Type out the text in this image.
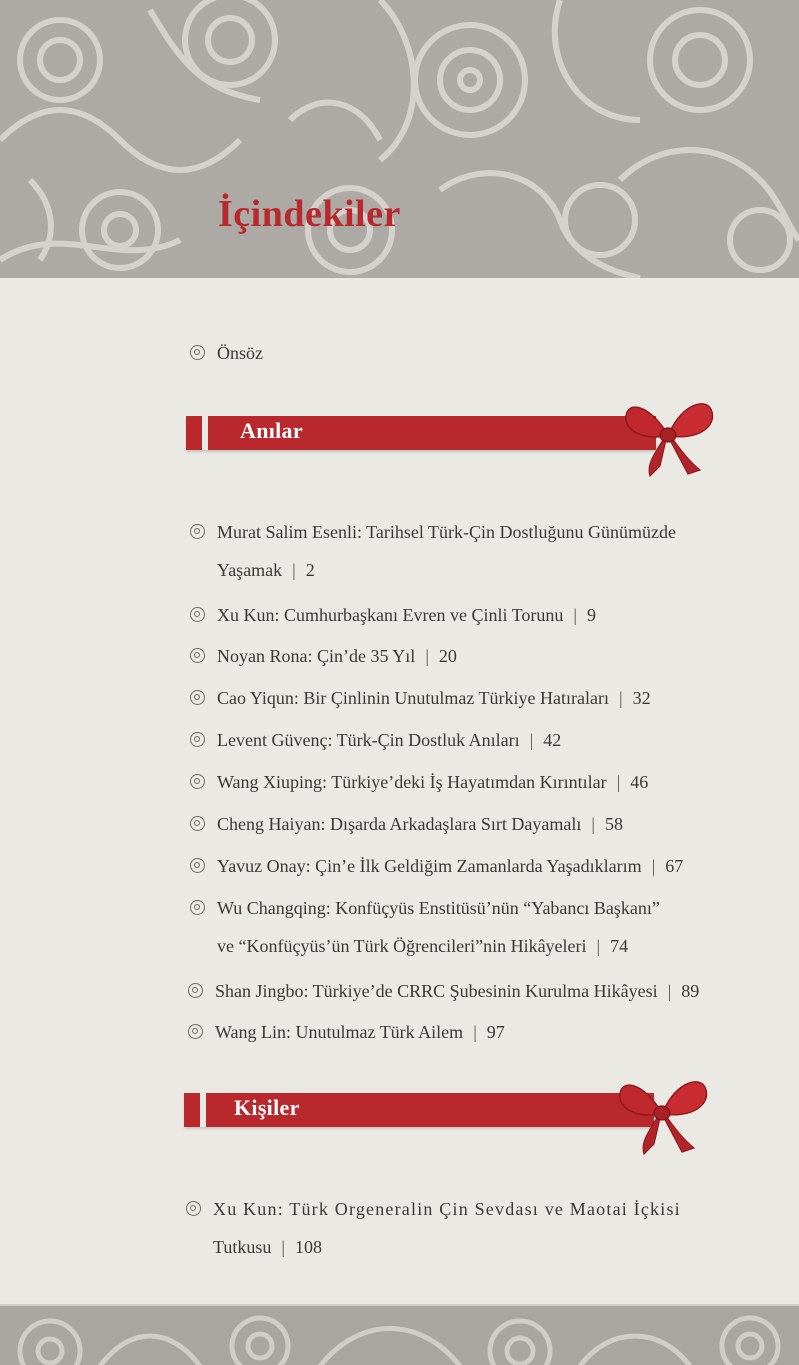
İçindekiler
Önsöz
Anılar
Murat Salim Esenli: Tarihsel Türk-Çin Dostluğunu Günümüzde
Yaşamak | 2
Xu Kun: Cumhurbaşkanı Evren ve Çinli Torunu | 9
Noyan Rona: Çin’de 35 Yıl | 20
Cao Yiqun: Bir Çinlinin Unutulmaz Türkiye Hatıraları | 32
Levent Güvenç: Türk-Çin Dostluk Anıları | 42
Wang Xiuping: Türkiye’deki İş Hayatımdan Kırıntılar | 46
Cheng Haiyan: Dışarda Arkadaşlara Sırt Dayamalı | 58
Yavuz Onay: Çin’e İlk Geldiğim Zamanlarda Yaşadıklarım | 67
Wu Changqing: Konfüçyüs Enstitüsü’nün “Yabancı Başkanı”
ve “Konfüçyüs’ün Türk Öğrencileri”nin Hikâyeleri | 74
Shan Jingbo: Türkiye’de CRRC Şubesinin Kurulma Hikâyesi | 89
Wang Lin: Unutulmaz Türk Ailem | 97
Kişiler
Xu Kun: Türk Orgeneralin Çin Sevdası ve Maotai İçkisi
Tutkusu | 108
